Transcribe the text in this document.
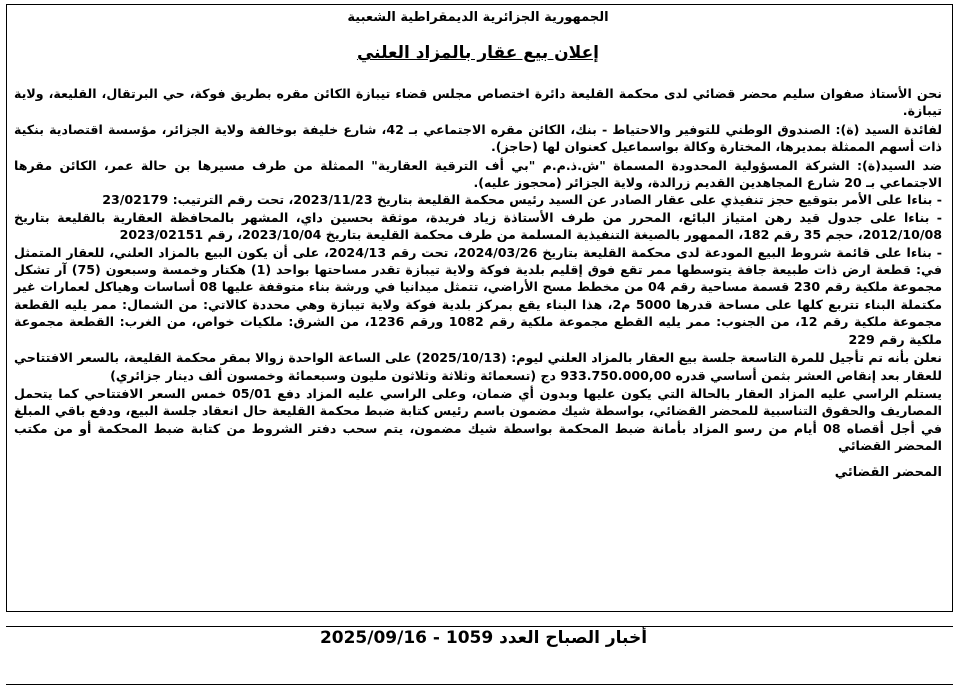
الجمهورية الجزائرية الديمقراطية الشعبية
إعلان بيع عقار بالمزاد العلني

نحن الأستاذ صفوان سليم محضر قضائي لدى محكمة القليعة دائرة اختصاص مجلس قضاء تيبازة الكائن مقره بطريق فوكة، حي البرتقال، القليعة، ولاية تيبازة.

لفائدة السيد (ة): الصندوق الوطني للتوفير والاحتياط - بنك، الكائن مقره الاجتماعي بـ 42، شارع خليفة بوخالفة ولاية الجزائر، مؤسسة اقتصادية بنكية ذات أسهم الممثلة بمديرها، المختارة وكالة بواسماعيل كعنوان لها (حاجز).

ضد السيد(ة): الشركة المسؤولية المحدودة المسماة "ش.ذ.م.م "بي أف الترقية العقارية" الممثلة من طرف مسيرها بن حالة عمر، الكائن مقرها الاجتماعي بـ 20 شارع المجاهدين القديم زرالدة، ولاية الجزائر (محجوز عليه).

- بناءا على الأمر بتوقيع حجز تنفيذي على عقار الصادر عن السيد رئيس محكمة القليعة بتاريخ 2023/11/23، تحت رقم الترتيب: 23/02179

- بناءا على جدول قيد رهن امتياز البائع، المحرر من طرف الأستاذة زياد فريدة، موثقة بحسين داي، المشهر بالمحافظة العقارية بالقليعة بتاريخ 2012/10/08، حجم 35 رقم 182، الممهور بالصيغة التنفيذية المسلمة من طرف محكمة القليعة بتاريخ 2023/10/04، رقم 2023/02151

- بناءا على قائمة شروط البيع المودعة لدى محكمة القليعة بتاريخ 2024/03/26، تحت رقم 2024/13، على أن يكون البيع بالمزاد العلني، للعقار المتمثل في: قطعة ارض ذات طبيعة جافة يتوسطها ممر تقع فوق إقليم بلدية فوكة ولاية تيبازة تقدر مساحتها بواحد (1) هكتار وخمسة وسبعون (75) آر تشكل مجموعة ملكية رقم 230 قسمة مساحية رقم 04 من مخطط مسح الأراضي، تتمثل ميدانيا في ورشة بناء متوقفة عليها 08 أساسات وهياكل لعمارات غير مكتملة البناء تتربع كلها على مساحة قدرها 5000 م2، هذا البناء يقع بمركز بلدية فوكة ولاية تيبازة وهي محددة كالاتي: من الشمال: ممر يليه القطعة مجموعة ملكية رقم 12، من الجنوب: ممر يليه القطع مجموعة ملكية رقم 1082 ورقم 1236، من الشرق: ملكيات خواص، من الغرب: القطعة مجموعة ملكية رقم 229

نعلن بأنه تم تأجيل للمرة التاسعة جلسة بيع العقار بالمزاد العلني ليوم: (2025/10/13) على الساعة الواحدة زوالا بمقر محكمة القليعة، بالسعر الافتتاحي للعقار بعد إنقاص العشر بثمن أساسي قدره 933.750.000,00 دج (تسعمائة وثلاثة وثلاثون مليون وسبعمائة وخمسون ألف دينار جزائري)

يستلم الراسي عليه المزاد العقار بالحالة التي يكون عليها وبدون أي ضمان، وعلى الراسي عليه المزاد دفع 05/01 خمس السعر الافتتاحي كما يتحمل المصاريف والحقوق التناسبية للمحضر القضائي، بواسطة شيك مضمون باسم رئيس كتابة ضبط محكمة القليعة حال انعقاد جلسة البيع، ودفع باقي المبلغ في أجل أقصاه 08 أيام من رسو المزاد بأمانة ضبط المحكمة بواسطة شيك مضمون، يتم سحب دفتر الشروط من كتابة ضبط المحكمة أو من مكتب المحضر القضائي

المحضر القضائي
أخبار الصباح العدد 1059 - 2025/09/16
